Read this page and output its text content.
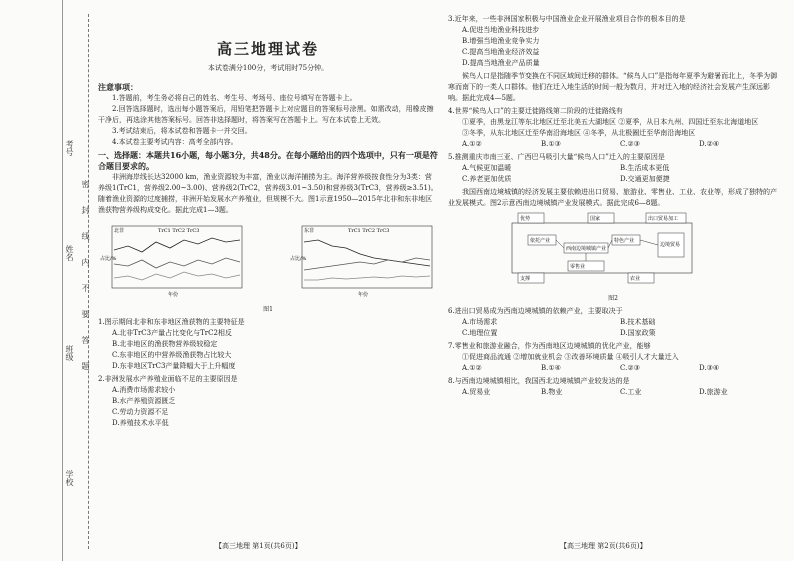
考号
姓名
班级
学校
密封线内不要答题
高三地理试卷
本试卷满分100分，考试用时75分钟。

注意事项：

1.答题前，考生务必将自己的姓名、考生号、考场号、座位号填写在答题卡上。

2.回答选择题时，选出每小题答案后，用铅笔把答题卡上对应题目的答案标号涂黑。如需改动，用橡皮擦干净后，再选涂其他答案标号。回答非选择题时，将答案写在答题卡上。写在本试卷上无效。

3.考试结束后，将本试卷和答题卡一并交回。

4.本试卷主要考试内容：高考全部内容。

一、选择题：本题共16小题，每小题3分，共48分。在每小题给出的四个选项中，只有一项是符合题目要求的。

非洲海岸线长达32000 km，渔业资源较为丰富，渔业以海洋捕捞为主。海洋营养级按食性分为3类：营养级1(TrC1，营养级2.00~3.00)、营养级2(TrC2，营养级3.01~3.50)和营养级3(TrC3，营养级≥3.51)。随着渔业资源的过度捕捞，非洲开始发展水产养殖业，但规模不大。图1示意1950—2015年北非和东非地区渔获物营养级构成变化。据此完成1—3题。

北非	TrC1 TrC2 TrC3
占比/%
年份
东非	TrC1 TrC2 TrC3
占比/%
年份
图1

1.图示期间北非和东非地区渔获物的主要特征是

A.北非TrC3产量占比变化与TrC2相反

B.北非地区的渔获物营养级较稳定

C.东非地区的中营养级渔获物占比较大

D.东非地区TrC3产量降幅大于上升幅度

2.非洲发展水产养殖业面临不足的主要原因是

A.消费市场需求较小

B.水产养殖资源匮乏

C.劳动力资源不足

D.养殖技术水平低

3.近年来，一些非洲国家积极与中国渔业企业开展渔业项目合作的根本目的是

A.促进当地渔业科技进步

B.增强当地渔业竞争实力

C.提高当地渔业经济效益

D.提高当地渔业产品质量

候鸟人口是指随季节变换在不同区域间迁移的群体。“候鸟人口”是指每年夏季为避暑而北上，冬季为御寒而南下的一类人口群体。他们在迁入地生活的时间一般为数月，并对迁入地的经济社会发展产生深远影响。据此完成4—5题。

4.世界“候鸟人口”的主要迁徙路线第二阶段的迁徙路线有

①夏季，由黑龙江等东北地区迁至北美五大湖地区 ②夏季，从日本九州、四国迁至东北海道地区

③冬季，从东北地区迁至华南沿海地区 ④冬季，从北极圈迁至华南沿海地区

A.①②	B.①③	C.②③	D.②④

5.推测重庆市南三亚、广西巴马吸引大量“候鸟人口”迁入的主要原因是

A.气候更加温暖	B.生活成本更低
C.养老更加优质	D.交通更加便捷

我国西南边境城镇的经济发展主要依赖进出口贸易、旅游业、零售业、工业、农业等，形成了独特的产业发展模式。图2示意西南边境城镇产业发展模式。据此完成6—8题。

优势	国家	出口贸易加工
依托产业
西南边境城镇产业
特色产业
边境贸易
支撑
零售业
农业
图2

6.进出口贸易成为西南边境城镇的依赖产业，主要取决于

A.市场需求	B.技术基础
C.地理位置	D.国家政策

7.零售业和旅游业融合，作为西南地区边境城镇的优化产业，能够

①促进商品流通 ②增加就业机会 ③改善环境质量 ④吸引人才大量迁入

A.①②	B.①④	C.②③	D.③④

8.与西南边境城镇相比，我国西北边境城镇产业较发达的是

A.贸易业	B.物业	C.工业	D.旅游业
【高三地理 第1页(共6页)】	【高三地理 第2页(共6页)】
